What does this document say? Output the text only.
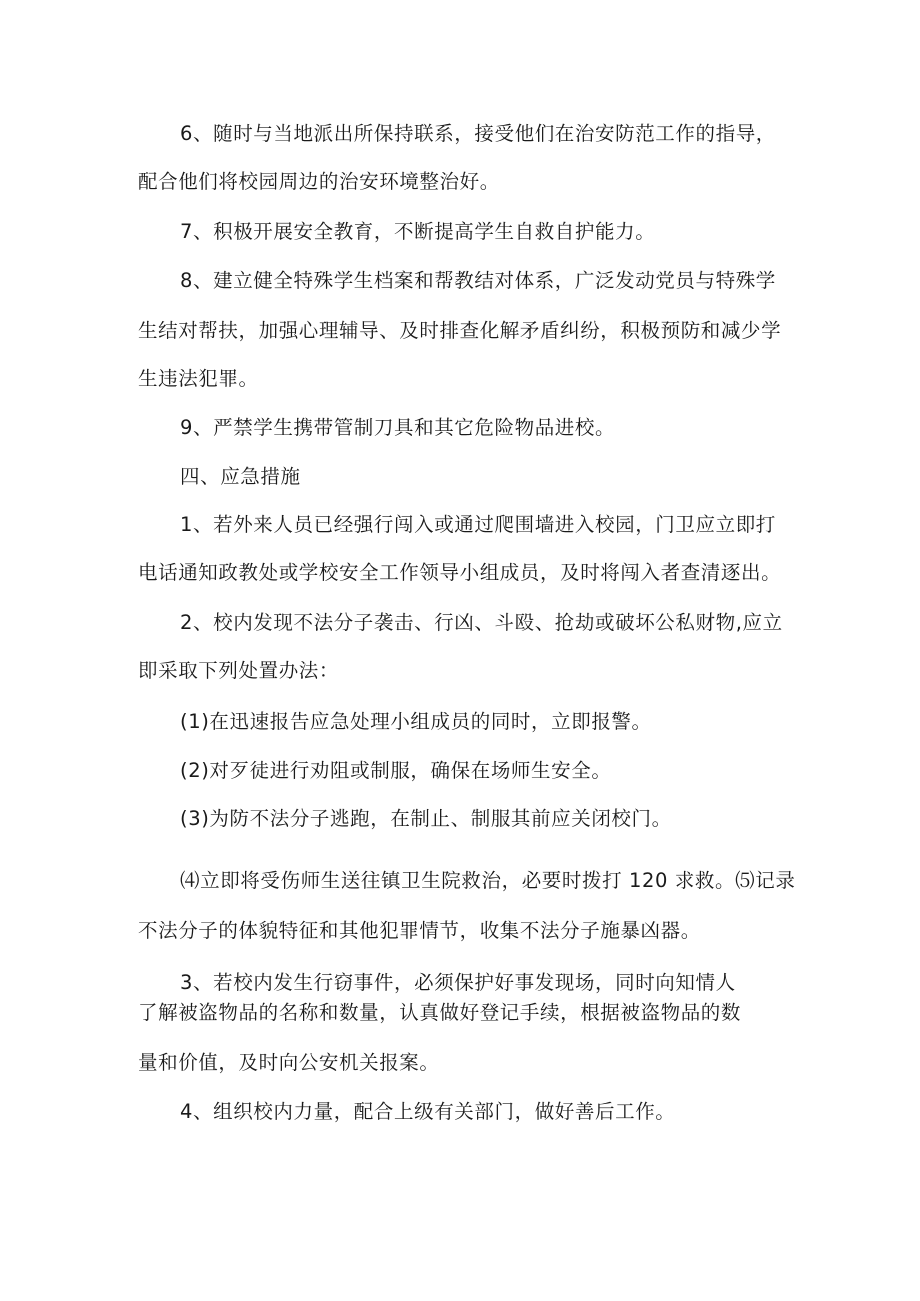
6、随时与当地派出所保持联系，接受他们在治安防范工作的指导，
配合他们将校园周边的治安环境整治好。
7、积极开展安全教育，不断提高学生自救自护能力。
8、建立健全特殊学生档案和帮教结对体系，广泛发动党员与特殊学
生结对帮扶，加强心理辅导、及时排查化解矛盾纠纷，积极预防和减少学
生违法犯罪。
9、严禁学生携带管制刀具和其它危险物品进校。
四、应急措施
1、若外来人员已经强行闯入或通过爬围墙进入校园，门卫应立即打
电话通知政教处或学校安全工作领导小组成员，及时将闯入者查清逐出。
2、校内发现不法分子袭击、行凶、斗殴、抢劫或破坏公私财物,应立
即采取下列处置办法：
(1)在迅速报告应急处理小组成员的同时，立即报警。
(2)对歹徒进行劝阻或制服，确保在场师生安全。
(3)为防不法分子逃跑，在制止、制服其前应关闭校门。
⑷立即将受伤师生送往镇卫生院救治，必要时拨打 120 求救。⑸记录
不法分子的体貌特征和其他犯罪情节，收集不法分子施暴凶器。
3、若校内发生行窃事件，必须保护好事发现场，同时向知情人
了解被盗物品的名称和数量，认真做好登记手续，根据被盗物品的数
量和价值，及时向公安机关报案。
4、组织校内力量，配合上级有关部门，做好善后工作。
